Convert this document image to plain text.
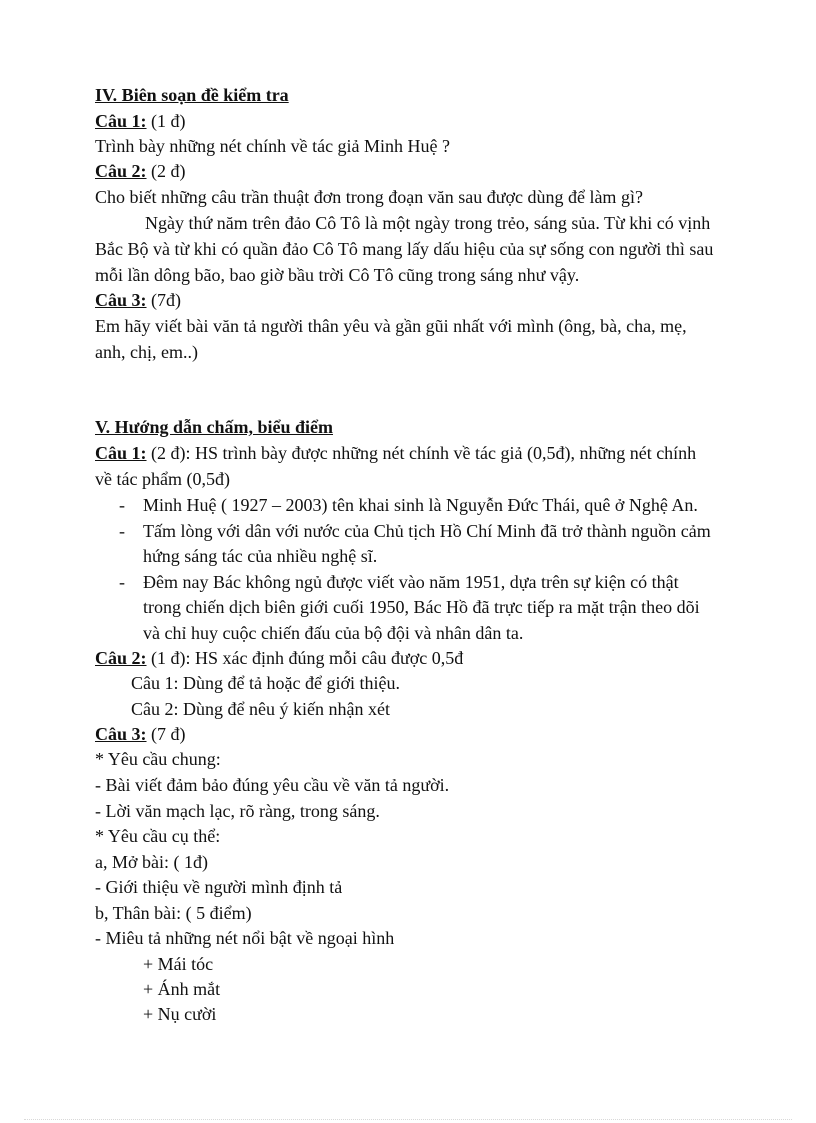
IV. Biên soạn đề kiểm tra
Câu 1: (1 đ)
Trình bày những nét chính về tác giả Minh Huệ ?
Câu 2: (2 đ)
Cho biết những câu trần thuật đơn trong đoạn văn sau được dùng để làm gì?
Ngày thứ năm trên đảo Cô Tô là một ngày trong trẻo, sáng sủa. Từ khi có vịnh
Bắc Bộ và từ khi có quần đảo Cô Tô mang lấy dấu hiệu của sự sống con người thì sau
mỗi lần dông bão, bao giờ bầu trời Cô Tô cũng trong sáng như vậy.
Câu 3: (7đ)
Em hãy viết bài văn tả người thân yêu và gần gũi nhất với mình (ông, bà, cha, mẹ,
anh, chị, em..)
V. Hướng dẫn chấm, biểu điểm
Câu 1: (2 đ): HS trình bày được những nét chính về tác giả (0,5đ), những nét chính
về tác phẩm (0,5đ)
- Minh Huệ ( 1927 – 2003) tên khai sinh là Nguyễn Đức Thái, quê ở Nghệ An.
- Tấm lòng với dân với nước của Chủ tịch Hồ Chí Minh đã trở thành nguồn cảm
hứng sáng tác của nhiều nghệ sĩ.
- Đêm nay Bác không ngủ được viết vào năm 1951, dựa trên sự kiện có thật
trong chiến dịch biên giới cuối 1950, Bác Hồ đã trực tiếp ra mặt trận theo dõi
và chỉ huy cuộc chiến đấu của bộ đội và nhân dân ta.
Câu 2: (1 đ): HS xác định đúng mỗi câu được 0,5đ
Câu 1: Dùng để tả hoặc để giới thiệu.
Câu 2: Dùng để nêu ý kiến nhận xét
Câu 3: (7 đ)
* Yêu cầu chung:
- Bài viết đảm bảo đúng yêu cầu về văn tả người.
- Lời văn mạch lạc, rõ ràng, trong sáng.
* Yêu cầu cụ thể:
a, Mở bài: ( 1đ)
- Giới thiệu về người mình định tả
b, Thân bài: ( 5 điểm)
- Miêu tả những nét nổi bật về ngoại hình
+ Mái tóc
+ Ánh mắt
+ Nụ cười
